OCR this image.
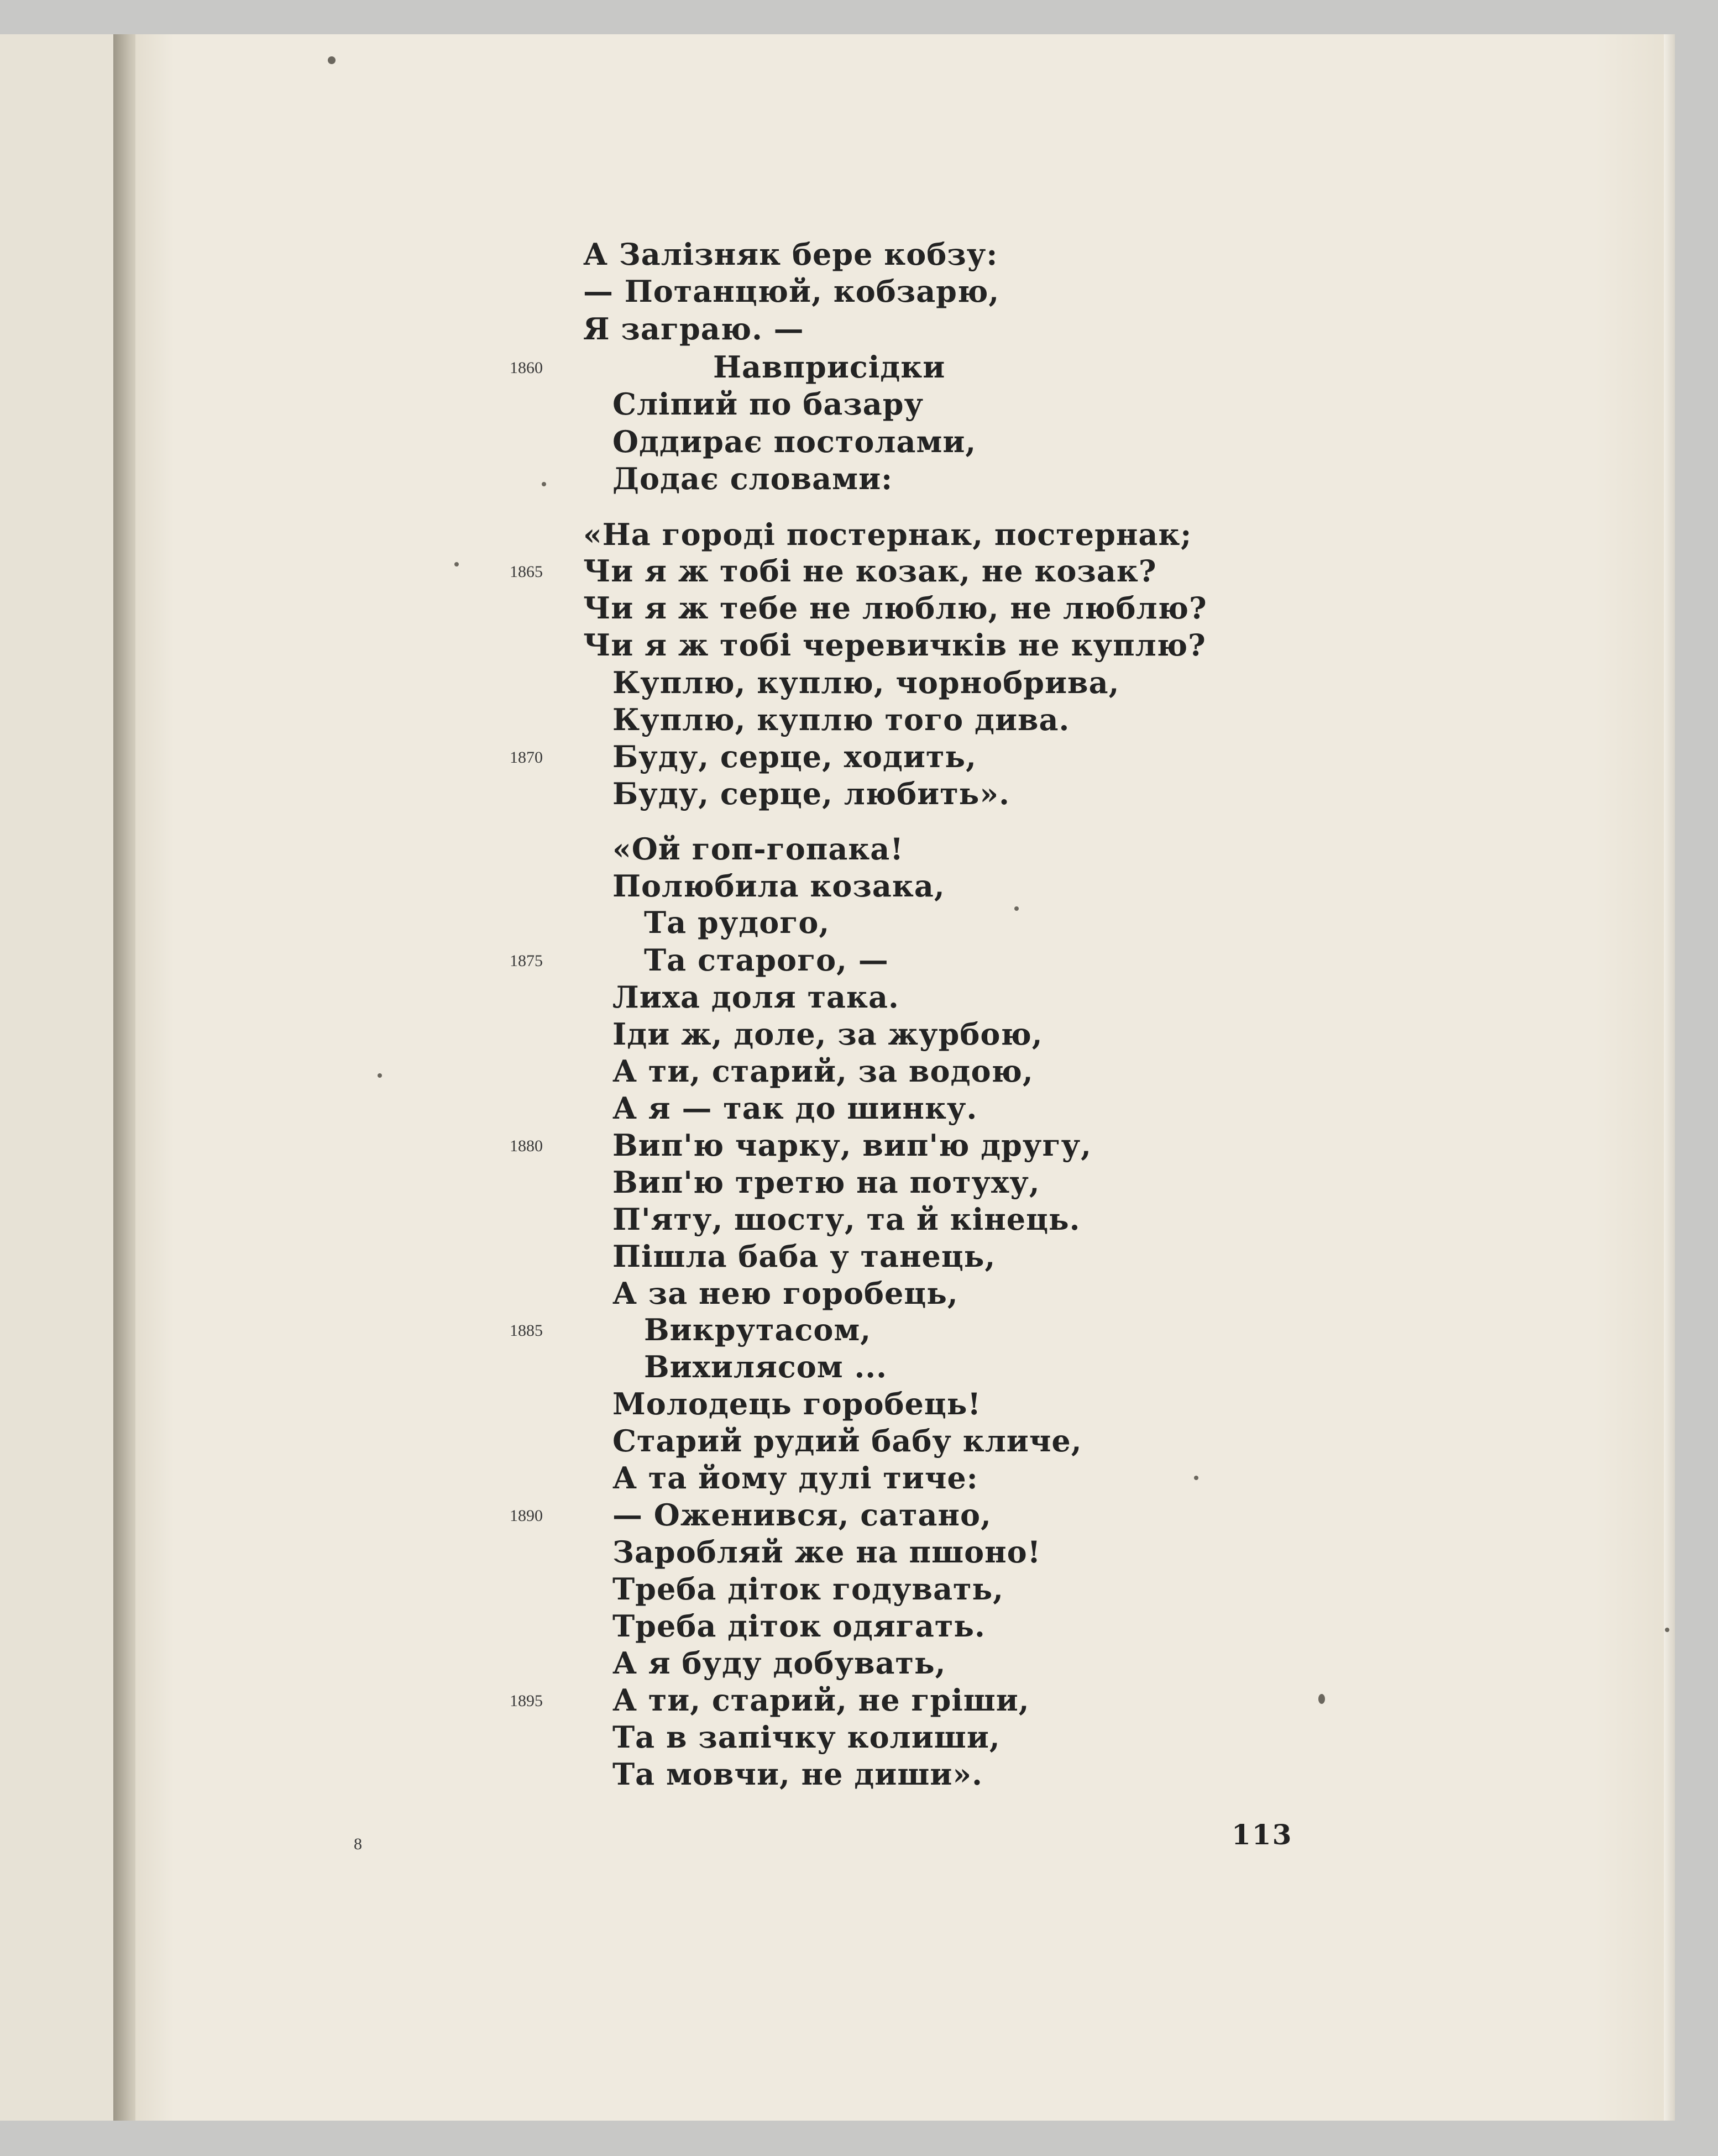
А Залізняк бере кобзу:
— Потанцюй, кобзарю,
Я заграю. —
Навприсідки
Сліпий по базару
Оддирає постолами,
Додає словами:
«На городі постернак, постернак;
Чи я ж тобі не козак, не козак?
Чи я ж тебе не люблю, не люблю?
Чи я ж тобі черевичків не куплю?
Куплю, куплю, чорнобрива,
Куплю, куплю того дива.
Буду, серце, ходить,
Буду, серце, любить».
«Ой гоп-гопака!
Полюбила козака,
Та рудого,
Та старого, —
Лиха доля така.
Іди ж, доле, за журбою,
А ти, старий, за водою,
А я — так до шинку.
Вип'ю чарку, вип'ю другу,
Вип'ю третю на потуху,
П'яту, шосту, та й кінець.
Пішла баба у танець,
А за нею горобець,
Викрутасом,
Вихилясом ...
Молодець горобець!
Старий рудий бабу кличе,
А та йому дулі тиче:
— Оженився, сатано,
Заробляй же на пшоно!
Треба діток годувать,
Треба діток одягать.
А я буду добувать,
А ти, старий, не гріши,
Та в запічку колиши,
Та мовчи, не диши».
1860
1865
1870
1875
1880
1885
1890
1895
8	113
